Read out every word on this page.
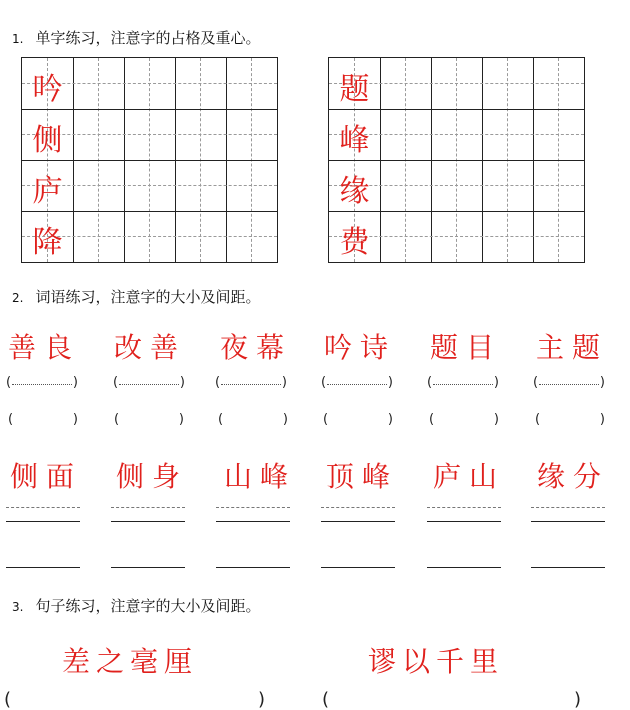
1. 单字练习，注意字的占格及重心。
吟
侧
庐
降
题
峰
缘
费
2. 词语练习，注意字的大小及间距。
善良 改善 夜幕 吟诗 题目 主题
(	)	(	) (	)	(	)	(	)	(	)
(	)	(	)	(	)	(	)	(	)	(	)
侧面 侧身 山峰 顶峰 庐山 缘分
3. 句子练习，注意字的大小及间距。
差之毫厘	谬以千里
(	)	(	)
